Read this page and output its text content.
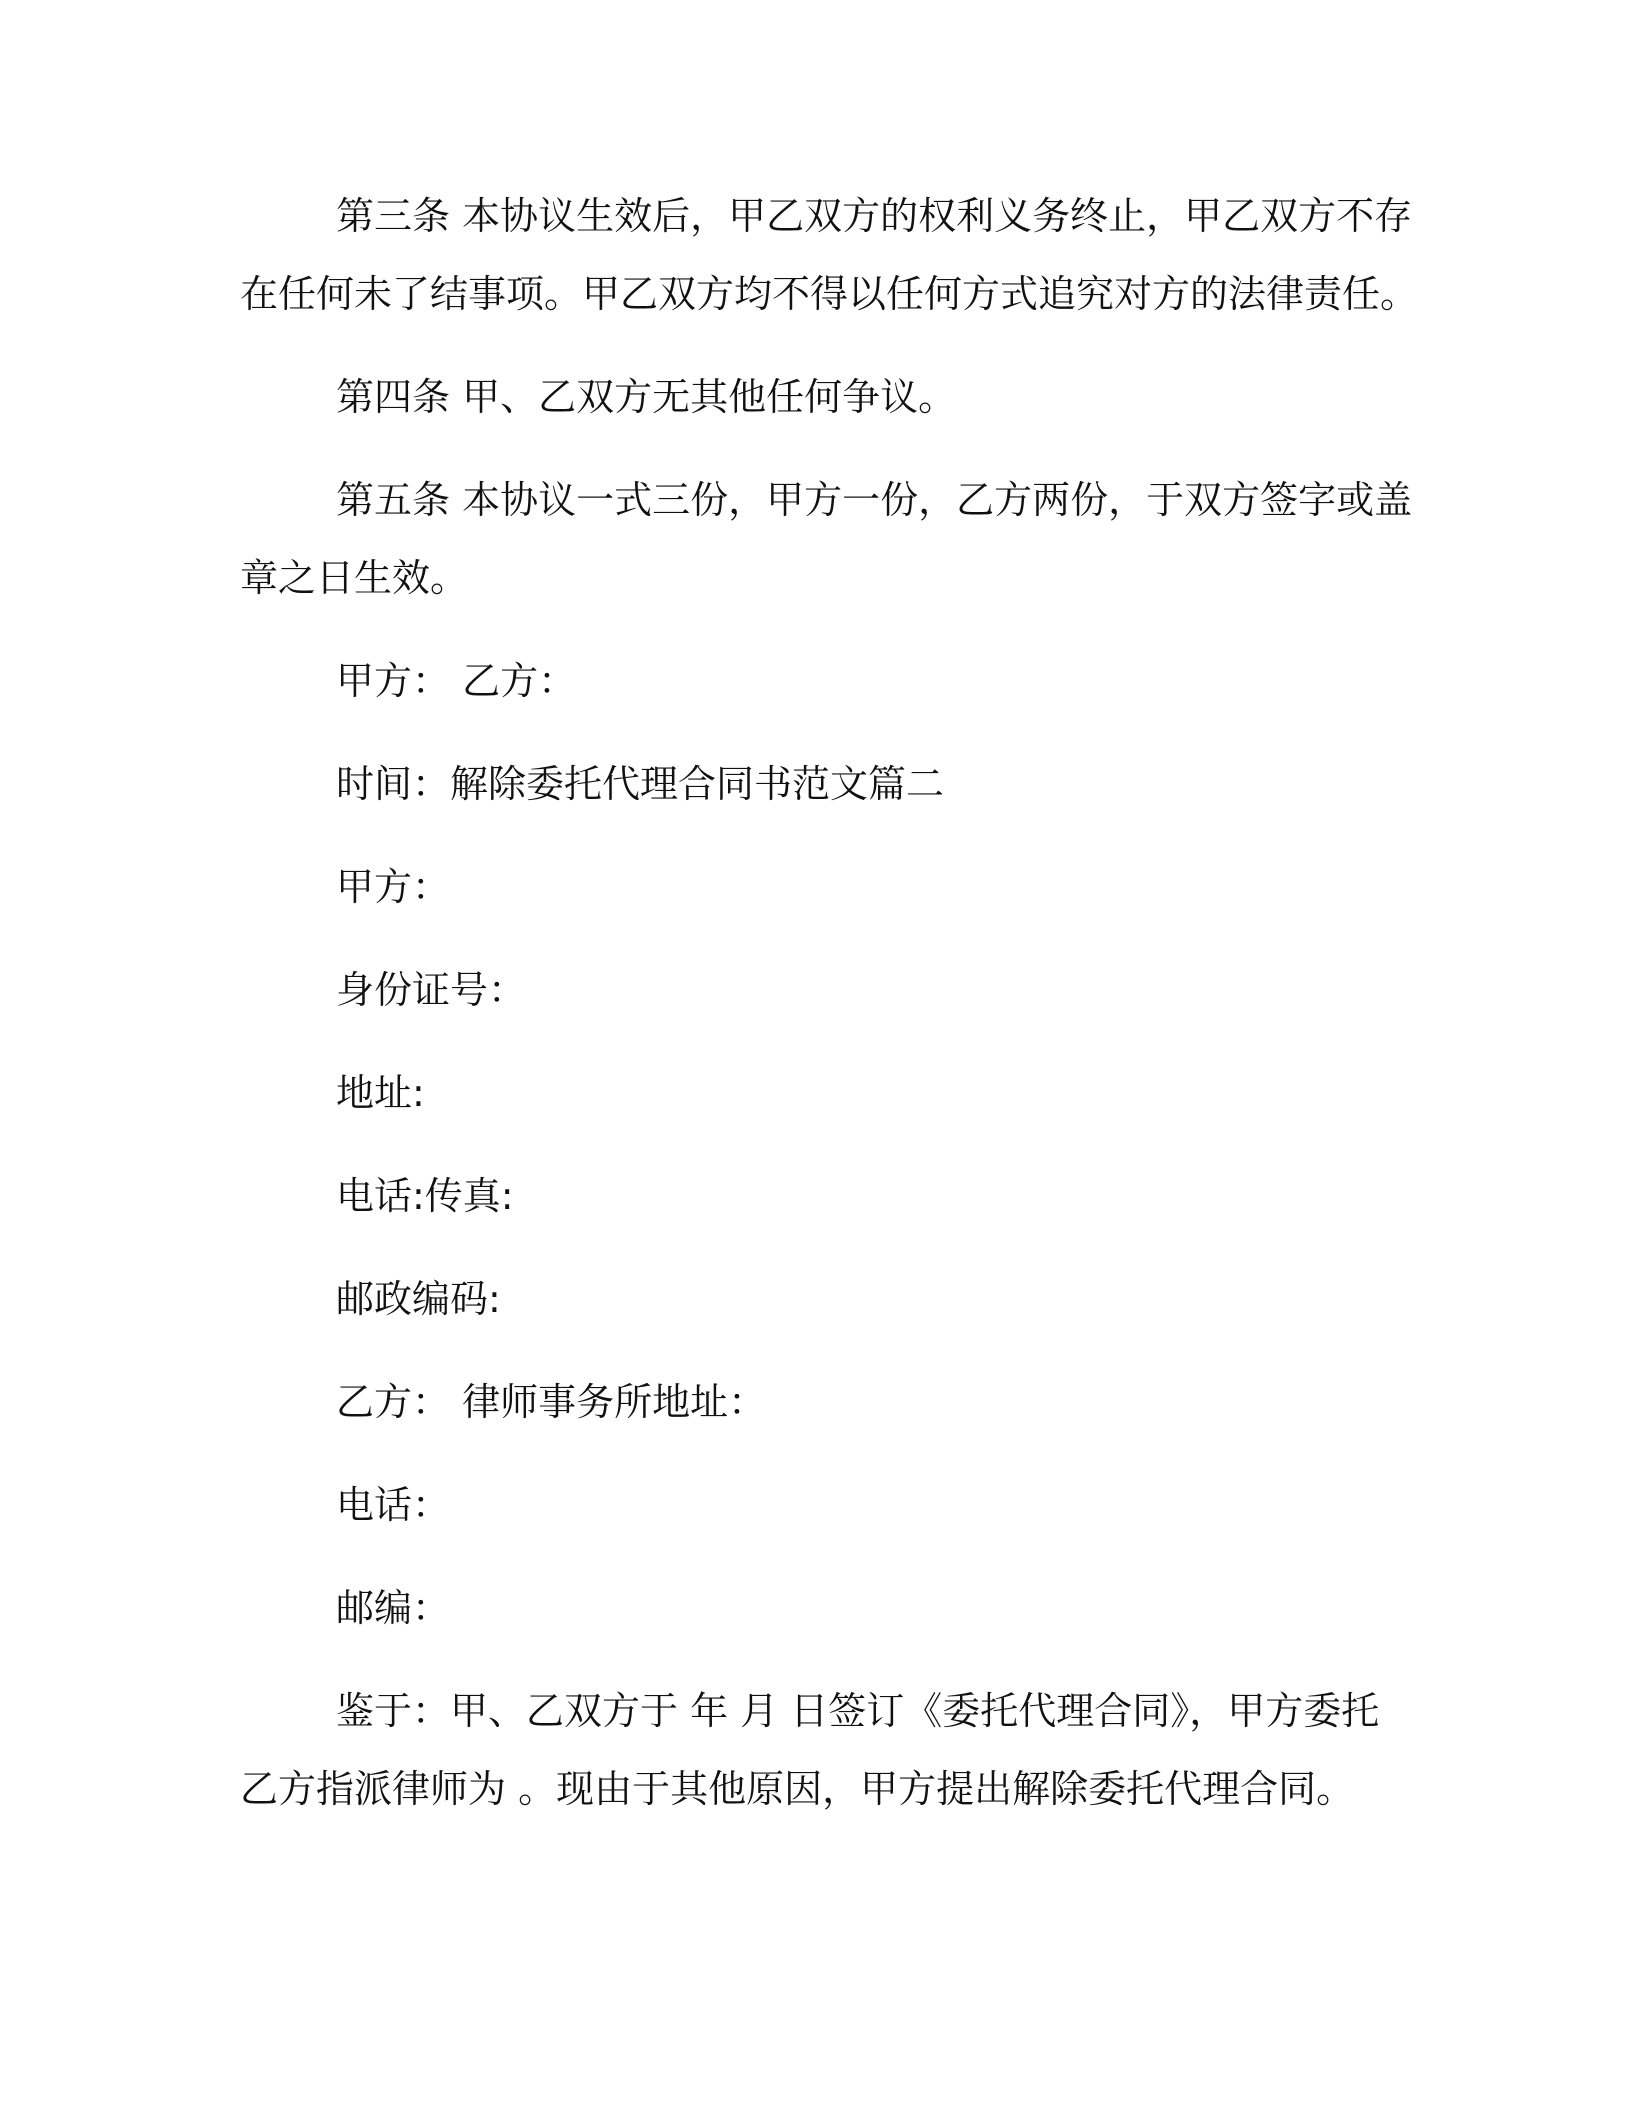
第三条 本协议生效后，甲乙双方的权利义务终止，甲乙双方不存
在任何未了结事项。甲乙双方均不得以任何方式追究对方的法律责任。

第四条 甲、乙双方无其他任何争议。

第五条 本协议一式三份，甲方一份，乙方两份，于双方签字或盖
章之日生效。

甲方： 乙方：

时间：解除委托代理合同书范文篇二

甲方：

身份证号：

地址:

电话:传真:

邮政编码:

乙方： 律师事务所地址：

电话：

邮编：

鉴于：甲、乙双方于 年 月 日签订《委托代理合同》，甲方委托
乙方指派律师为 。现由于其他原因，甲方提出解除委托代理合同。
